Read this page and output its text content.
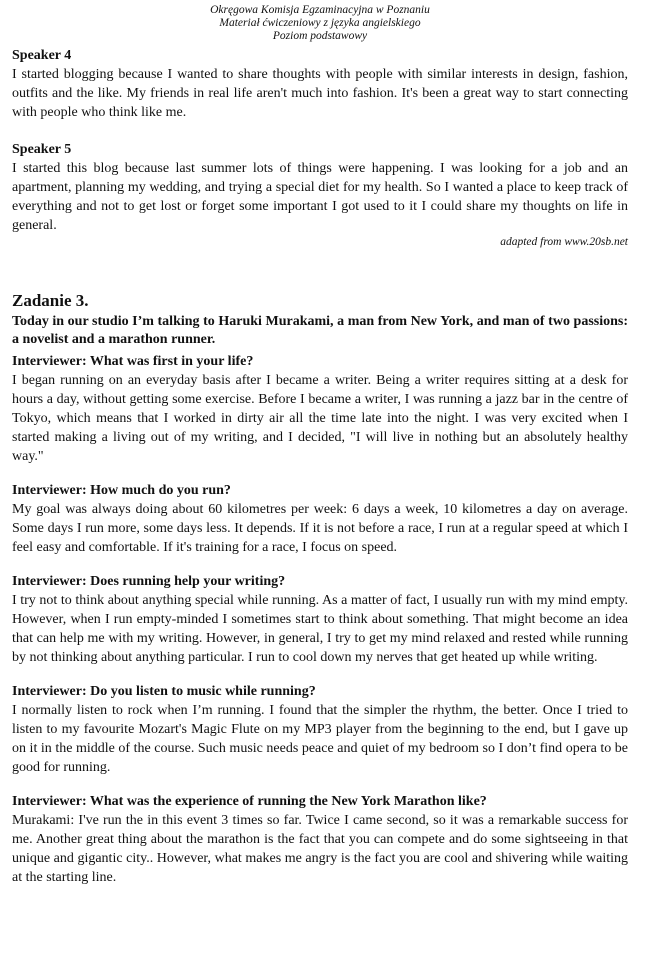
Okręgowa Komisja Egzaminacyjna w Poznaniu
Materiał ćwiczeniowy z języka angielskiego
Poziom podstawowy
Speaker 4
I started blogging because I wanted to share thoughts with people with similar interests in design, fashion, outfits and the like. My friends in real life aren't much into fashion. It's been a great way to start connecting with people who think like me.
Speaker 5
I started this blog because last summer lots of things were happening. I was looking for a job and an apartment, planning my wedding, and trying a special diet for my health. So I wanted a place to keep track of everything and not to get lost or forget some important I got used to it I could share my thoughts on life in general.
adapted from www.20sb.net
Zadanie 3.
Today in our studio I’m talking to Haruki Murakami, a man from New York, and man of two passions: a novelist and a marathon runner.
Interviewer: What was first in your life?
I began running on an everyday basis after I became a writer. Being a writer requires sitting at a desk for hours a day, without getting some exercise. Before I became a writer, I was running a jazz bar in the centre of Tokyo, which means that I worked in dirty air all the time late into the night. I was very excited when I started making a living out of my writing, and I decided, "I will live in nothing but an absolutely healthy way."
Interviewer: How much do you run?
My goal was always doing about 60 kilometres per week: 6 days a week, 10 kilometres a day on average. Some days I run more, some days less. It depends. If it is not before a race, I run at a regular speed at which I feel easy and comfortable. If it's training for a race, I focus on speed.
Interviewer: Does running help your writing?
I try not to think about anything special while running. As a matter of fact, I usually run with my mind empty. However, when I run empty-minded I sometimes start to think about something. That might become an idea that can help me with my writing. However, in general, I try to get my mind relaxed and rested while running by not thinking about anything particular. I run to cool down my nerves that get heated up while writing.
Interviewer: Do you listen to music while running?
I normally listen to rock when I’m running. I found that the simpler the rhythm, the better. Once I tried to listen to my favourite Mozart's Magic Flute on my MP3 player from the beginning to the end, but I gave up on it in the middle of the course. Such music needs peace and quiet of my bedroom so I don’t find opera to be good for running.
Interviewer: What was the experience of running the New York Marathon like?
Murakami: I've run the in this event 3 times so far. Twice I came second, so it was a remarkable success for me. Another great thing about the marathon is the fact that you can compete and do some sightseeing in that unique and gigantic city.. However, what makes me angry is the fact you are cool and shivering while waiting at the starting line.
